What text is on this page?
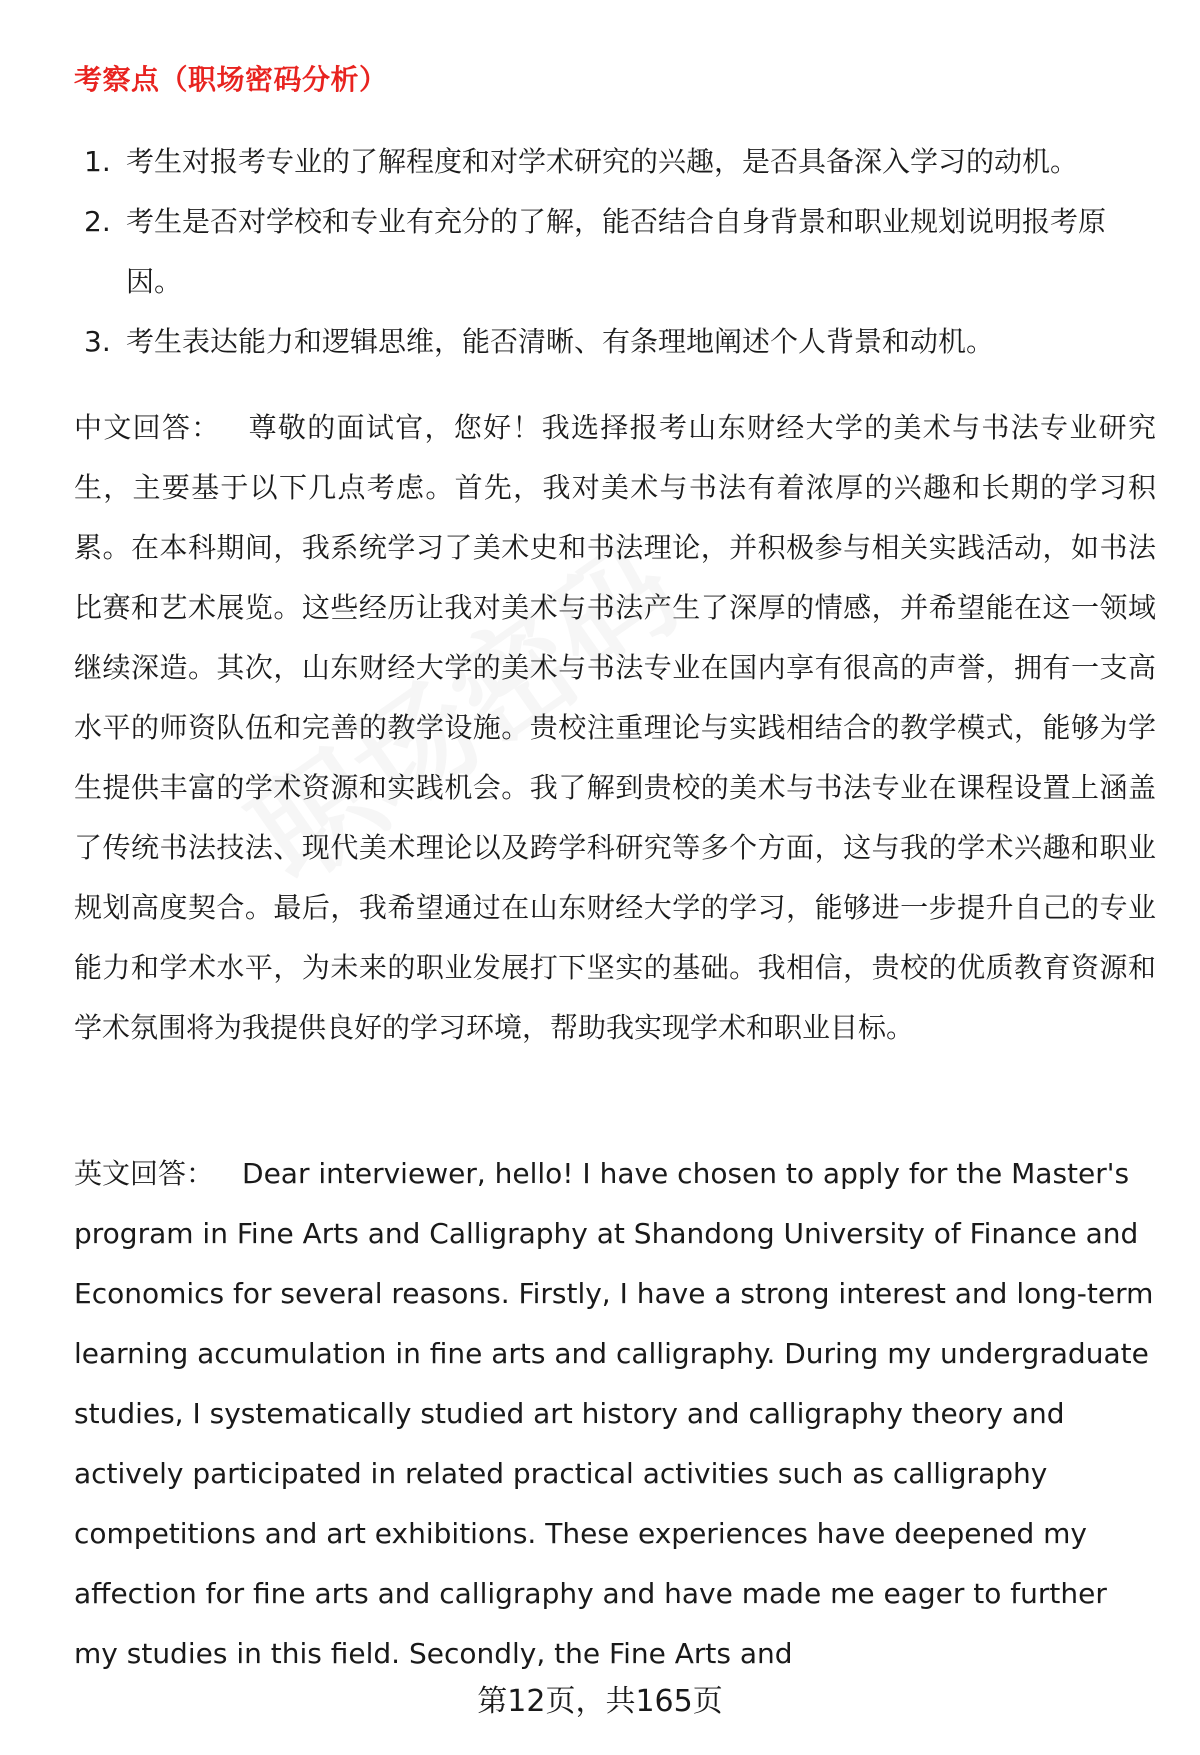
考察点（职场密码分析）
1. 考生对报考专业的了解程度和对学术研究的兴趣，是否具备深入学习的动机。
2. 考生是否对学校和专业有充分的了解，能否结合自身背景和职业规划说明报考原因。
3. 考生表达能力和逻辑思维，能否清晰、有条理地阐述个人背景和动机。

中文回答： 尊敬的面试官，您好！我选择报考山东财经大学的美术与书法专业研究生，主要基于以下几点考虑。首先，我对美术与书法有着浓厚的兴趣和长期的学习积累。在本科期间，我系统学习了美术史和书法理论，并积极参与相关实践活动，如书法比赛和艺术展览。这些经历让我对美术与书法产生了深厚的情感，并希望能在这一领域继续深造。其次，山东财经大学的美术与书法专业在国内享有很高的声誉，拥有一支高水平的师资队伍和完善的教学设施。贵校注重理论与实践相结合的教学模式，能够为学生提供丰富的学术资源和实践机会。我了解到贵校的美术与书法专业在课程设置上涵盖了传统书法技法、现代美术理论以及跨学科研究等多个方面，这与我的学术兴趣和职业规划高度契合。最后，我希望通过在山东财经大学的学习，能够进一步提升自己的专业能力和学术水平，为未来的职业发展打下坚实的基础。我相信，贵校的优质教育资源和学术氛围将为我提供良好的学习环境，帮助我实现学术和职业目标。

英文回答： Dear interviewer, hello! I have chosen to apply for the Master's program in Fine Arts and Calligraphy at Shandong University of Finance and Economics for several reasons. Firstly, I have a strong interest and long-term learning accumulation in fine arts and calligraphy. During my undergraduate studies, I systematically studied art history and calligraphy theory and actively participated in related practical activities such as calligraphy competitions and art exhibitions. These experiences have deepened my affection for fine arts and calligraphy and have made me eager to further my studies in this field. Secondly, the Fine Arts and

第12页，共165页
